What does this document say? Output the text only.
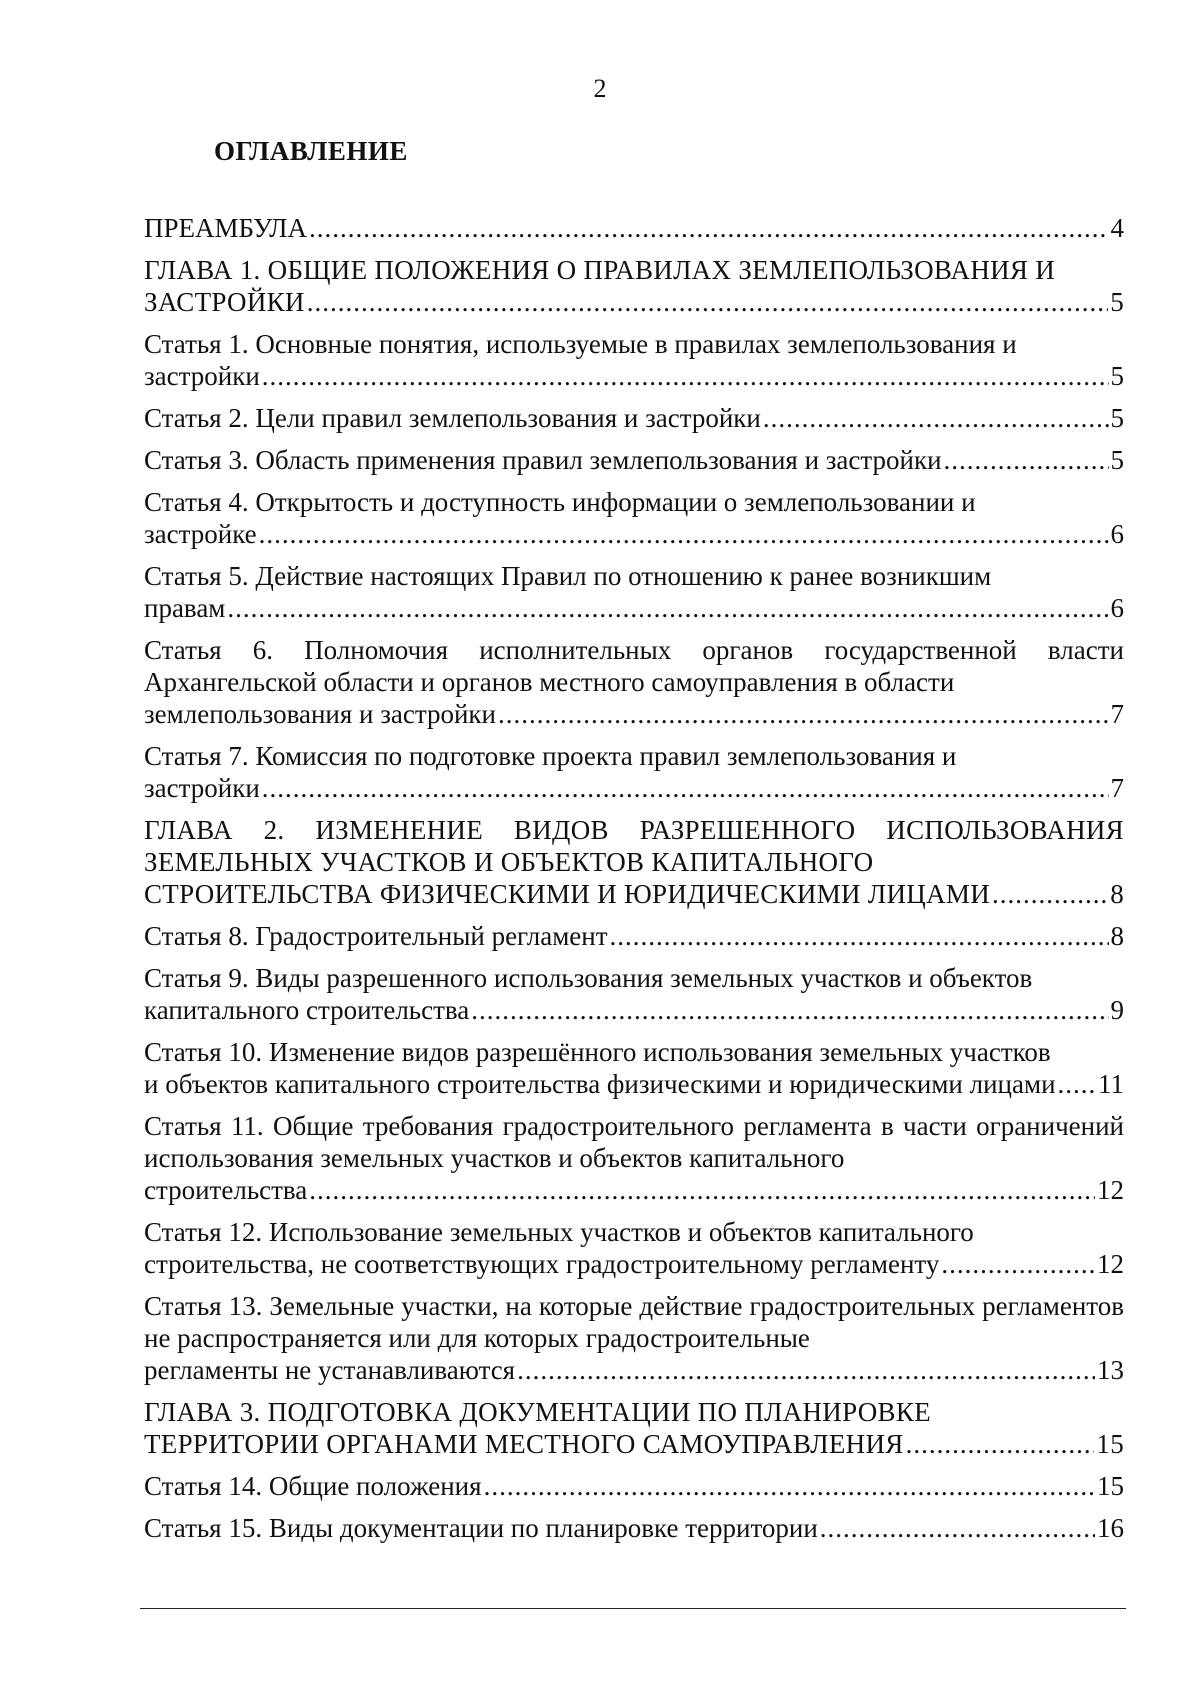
2
ОГЛАВЛЕНИЕ
ПРЕАМБУЛА .....	4
ГЛАВА 1. ОБЩИЕ ПОЛОЖЕНИЯ О ПРАВИЛАХ ЗЕМЛЕПОЛЬЗОВАНИЯ И
ЗАСТРОЙКИ .....	5
Статья 1. Основные понятия, используемые в правилах землепользования и
застройки .....	5
Статья 2. Цели правил землепользования и застройки .....	5
Статья 3. Область применения правил землепользования и застройки .....	5
Статья 4. Открытость и доступность информации о землепользовании и
застройке .....	6
Статья 5. Действие настоящих Правил по отношению к ранее возникшим
правам .....	6
Статья 6. Полномочия исполнительных органов государственной власти Архангельской области и органов местного самоуправления в области
землепользования и застройки .....	7
Статья 7. Комиссия по подготовке проекта правил землепользования и
застройки .....	7
ГЛАВА 2. ИЗМЕНЕНИЕ ВИДОВ РАЗРЕШЕННОГО ИСПОЛЬЗОВАНИЯ ЗЕМЕЛЬНЫХ УЧАСТКОВ И ОБЪЕКТОВ КАПИТАЛЬНОГО
СТРОИТЕЛЬСТВА ФИЗИЧЕСКИМИ И ЮРИДИЧЕСКИМИ ЛИЦАМИ .....	8
Статья 8. Градостроительный регламент .....	8
Статья 9. Виды разрешенного использования земельных участков и объектов
капитального строительства .....	9
Статья 10. Изменение видов разрешённого использования земельных участков
и объектов капитального строительства физическими и юридическими лицами ..... 11
Статья 11. Общие требования градостроительного регламента в части ограничений использования земельных участков и объектов капитального
строительства .....	12
Статья 12. Использование земельных участков и объектов капитального
строительства, не соответствующих градостроительному регламенту .....	12
Статья 13. Земельные участки, на которые действие градостроительных регламентов не распространяется или для которых градостроительные
регламенты не устанавливаются .....	13
ГЛАВА 3. ПОДГОТОВКА ДОКУМЕНТАЦИИ ПО ПЛАНИРОВКЕ
ТЕРРИТОРИИ ОРГАНАМИ МЕСТНОГО САМОУПРАВЛЕНИЯ .....	15
Статья 14. Общие положения .....	15
Статья 15. Виды документации по планировке территории .....	16
